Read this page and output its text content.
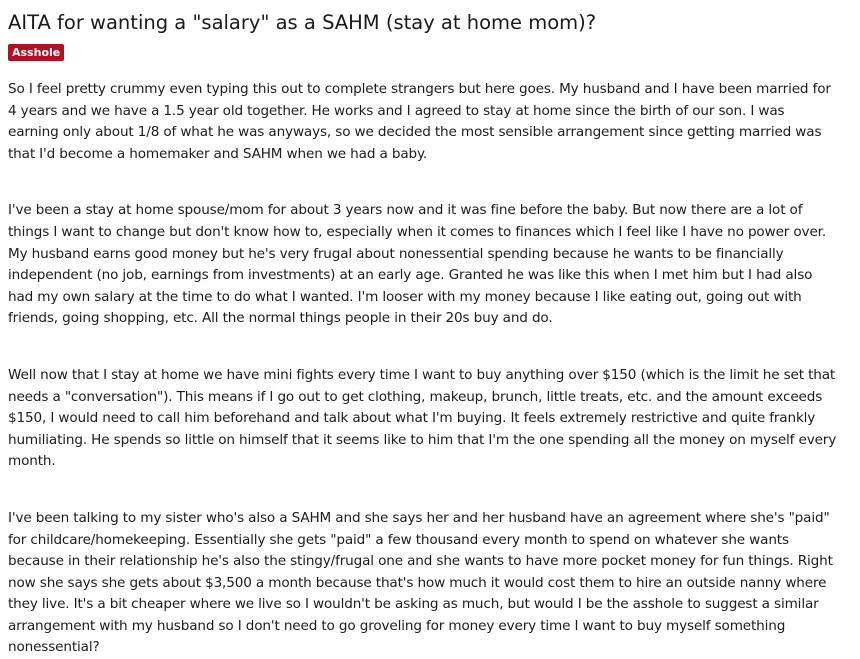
AITA for wanting a "salary" as a SAHM (stay at home mom)?
Asshole

So I feel pretty crummy even typing this out to complete strangers but here goes. My husband and I have been married for 4 years and we have a 1.5 year old together. He works and I agreed to stay at home since the birth of our son. I was earning only about 1/8 of what he was anyways, so we decided the most sensible arrangement since getting married was that I'd become a homemaker and SAHM when we had a baby.

I've been a stay at home spouse/mom for about 3 years now and it was fine before the baby. But now there are a lot of things I want to change but don't know how to, especially when it comes to finances which I feel like I have no power over. My husband earns good money but he's very frugal about nonessential spending because he wants to be financially independent (no job, earnings from investments) at an early age. Granted he was like this when I met him but I had also had my own salary at the time to do what I wanted. I'm looser with my money because I like eating out, going out with friends, going shopping, etc. All the normal things people in their 20s buy and do.

Well now that I stay at home we have mini fights every time I want to buy anything over $150 (which is the limit he set that needs a "conversation"). This means if I go out to get clothing, makeup, brunch, little treats, etc. and the amount exceeds $150, I would need to call him beforehand and talk about what I'm buying. It feels extremely restrictive and quite frankly humiliating. He spends so little on himself that it seems like to him that I'm the one spending all the money on myself every month.

I've been talking to my sister who's also a SAHM and she says her and her husband have an agreement where she's "paid" for childcare/homekeeping. Essentially she gets "paid" a few thousand every month to spend on whatever she wants because in their relationship he's also the stingy/frugal one and she wants to have more pocket money for fun things. Right now she says she gets about $3,500 a month because that's how much it would cost them to hire an outside nanny where they live. It's a bit cheaper where we live so I wouldn't be asking as much, but would I be the asshole to suggest a similar arrangement with my husband so I don't need to go groveling for money every time I want to buy myself something nonessential?
